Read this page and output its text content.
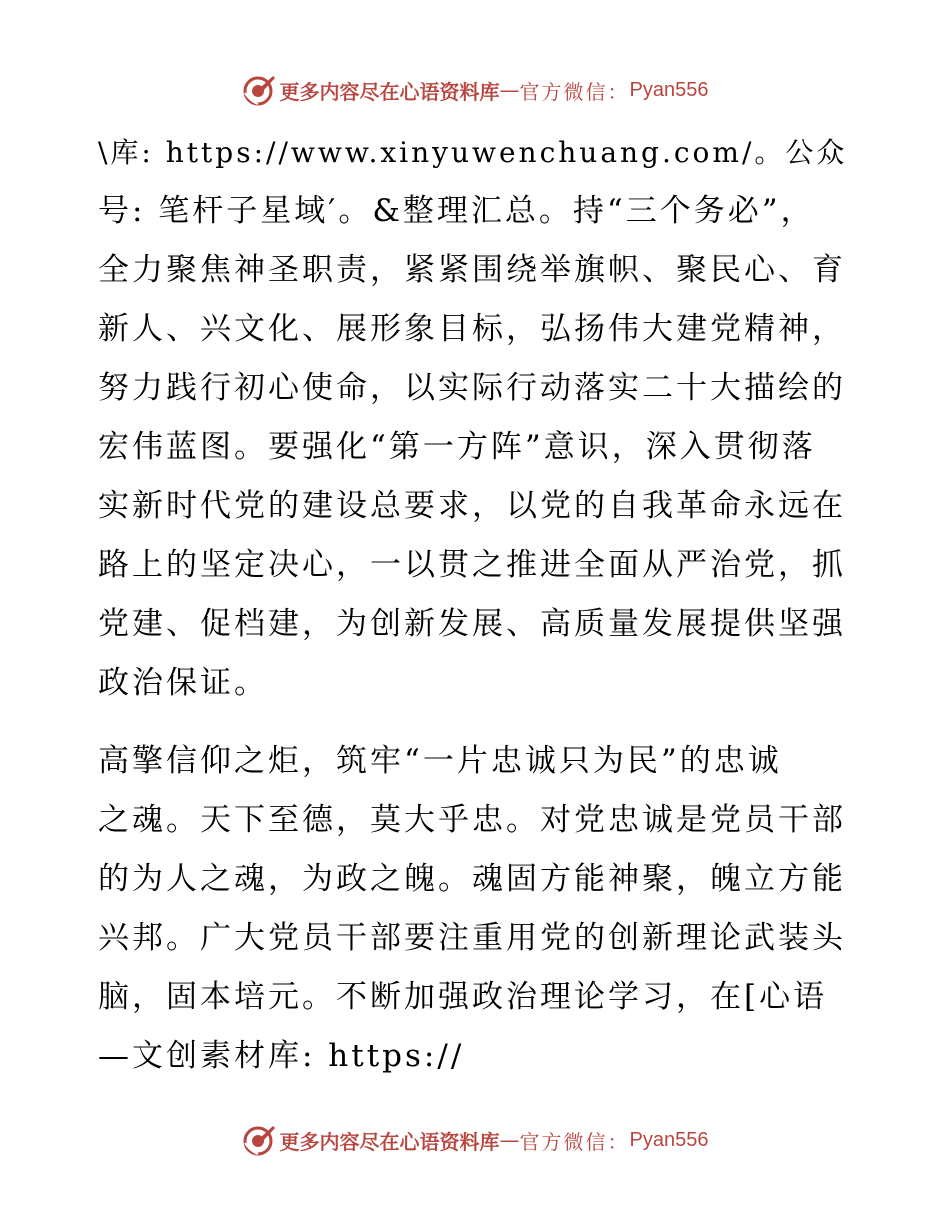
更多内容尽在心语资料库 — 官方微信： Pyan556

\库: https://www.xinyuwenchuang.com/。公众
号: 笔杆子星域′。&整理汇总。持“三个务必”，
全力聚焦神圣职责，紧紧围绕举旗帜、聚民心、育
新人、兴文化、展形象目标，弘扬伟大建党精神，
努力践行初心使命，以实际行动落实二十大描绘的
宏伟蓝图。要强化“第一方阵”意识，深入贯彻落
实新时代党的建设总要求，以党的自我革命永远在
路上的坚定决心，一以贯之推进全面从严治党，抓
党建、促档建，为创新发展、高质量发展提供坚强
政治保证。

高擎信仰之炬，筑牢“一片忠诚只为民”的忠诚
之魂。天下至德，莫大乎忠。对党忠诚是党员干部
的为人之魂，为政之魄。魂固方能神聚，魄立方能
兴邦。广大党员干部要注重用党的创新理论武装头
脑，固本培元。不断加强政治理论学习，在[心语
—文创素材库: https://

更多内容尽在心语资料库 — 官方微信： Pyan556
